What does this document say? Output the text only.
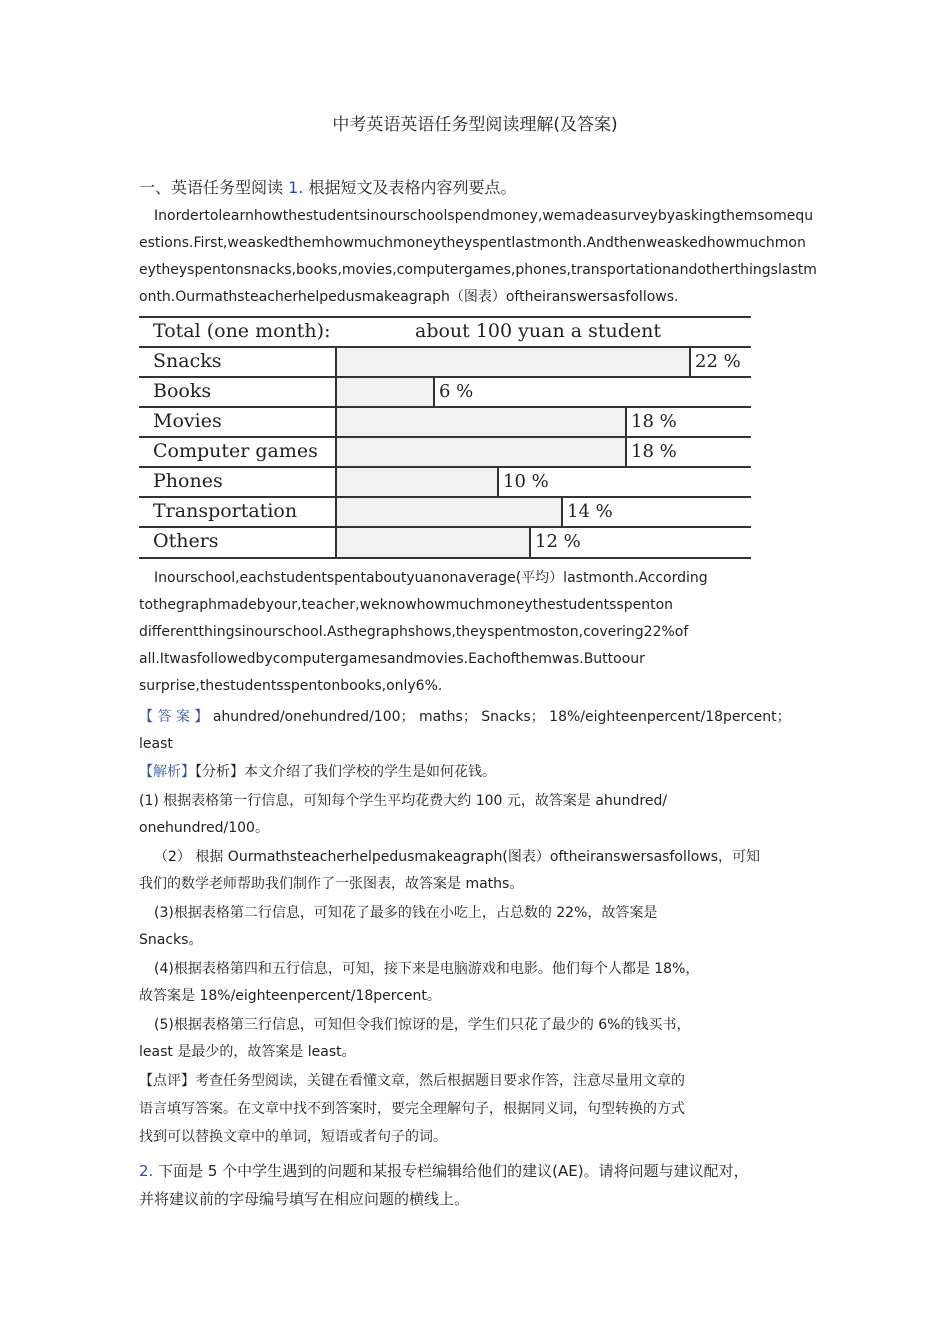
中考英语英语任务型阅读理解(及答案)
一、英语任务型阅读 1. 根据短文及表格内容列要点。
Inordertolearnhowthestudentsinourschoolspendmoney,wemadeasurveybyaskingthemsomequ
estions.First,weaskedthemhowmuchmoneytheyspentlastmonth.Andthenweaskedhowmuchmon
eytheyspentonsnacks,books,movies,computergames,phones,transportationandotherthingslastm
onth.Ourmathsteacherhelpedusmakeagraph（图表）oftheiranswersasfollows.
Total (one month):	about 100 yuan a student
Snacks	22 %
Books	6 %
Movies	18 %
Computer games	18 %
Phones	10 %
Transportation	14 %
Others	12 %
Inourschool,eachstudentspentaboutyuanonaverage(平均）lastmonth.According
tothegraphmadebyour,teacher,weknowhowmuchmoneythestudentsspenton
differentthingsinourschool.Asthegraphshows,theyspentmoston,covering22%of
all.Itwasfollowedbycomputergamesandmovies.Eachofthemwas.Buttoour
surprise,thestudentsspentonbooks,only6%.
【 答 案 】 ahundred/onehundred/100； maths； Snacks； 18%/eighteenpercent/18percent；
least
【解析】【分析】本文介绍了我们学校的学生是如何花钱。
(1) 根据表格第一行信息，可知每个学生平均花费大约 100 元，故答案是 ahundred/
onehundred/100。
（2） 根据 Ourmathsteacherhelpedusmakeagraph(图表）oftheiranswersasfollows，可知
我们的数学老师帮助我们制作了一张图表，故答案是 maths。
(3)根据表格第二行信息，可知花了最多的钱在小吃上，占总数的 22%，故答案是
Snacks。
(4)根据表格第四和五行信息，可知，接下来是电脑游戏和电影。他们每个人都是 18%，
故答案是 18%/eighteenpercent/18percent。
(5)根据表格第三行信息，可知但令我们惊讶的是，学生们只花了最少的 6%的钱买书，
least 是最少的，故答案是 least。
【点评】考查任务型阅读，关键在看懂文章，然后根据题目要求作答，注意尽量用文章的
语言填写答案。在文章中找不到答案时，要完全理解句子，根据同义词，句型转换的方式
找到可以替换文章中的单词，短语或者句子的词。
2. 下面是 5 个中学生遇到的问题和某报专栏编辑给他们的建议(AE)。请将问题与建议配对，
并将建议前的字母编号填写在相应问题的横线上。
